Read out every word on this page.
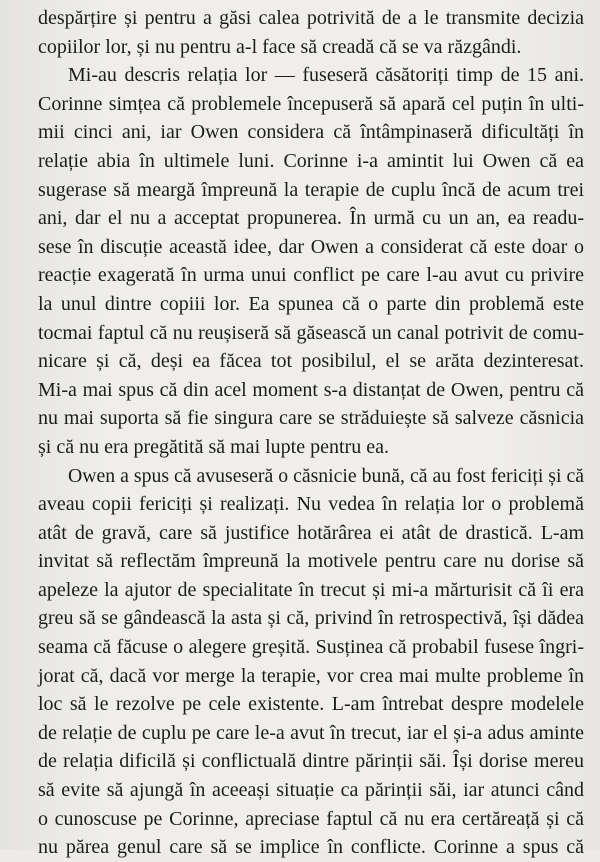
despărțire și pentru a găsi calea potrivită de a le transmite decizia
copiilor lor, și nu pentru a-l face să creadă că se va răzgândi.
Mi-au descris relația lor — fuseseră căsătoriți timp de 15 ani.
Corinne simțea că problemele începuseră să apară cel puțin în ulti-
mii cinci ani, iar Owen considera că întâmpinaseră dificultăți în
relație abia în ultimele luni. Corinne i-a amintit lui Owen că ea
sugerase să meargă împreună la terapie de cuplu încă de acum trei
ani, dar el nu a acceptat propunerea. În urmă cu un an, ea readu-
sese în discuție această idee, dar Owen a considerat că este doar o
reacție exagerată în urma unui conflict pe care l-au avut cu privire
la unul dintre copiii lor. Ea spunea că o parte din problemă este
tocmai faptul că nu reușiseră să găsească un canal potrivit de comu-
nicare și că, deși ea făcea tot posibilul, el se arăta dezinteresat.
Mi-a mai spus că din acel moment s-a distanțat de Owen, pentru că
nu mai suporta să fie singura care se străduiește să salveze căsnicia
și că nu era pregătită să mai lupte pentru ea.
Owen a spus că avuseseră o căsnicie bună, că au fost fericiți și că
aveau copii fericiți și realizați. Nu vedea în relația lor o problemă
atât de gravă, care să justifice hotărârea ei atât de drastică. L-am
invitat să reflectăm împreună la motivele pentru care nu dorise să
apeleze la ajutor de specialitate în trecut și mi-a mărturisit că îi era
greu să se gândească la asta și că, privind în retrospectivă, își dădea
seama că făcuse o alegere greșită. Susținea că probabil fusese îngri-
jorat că, dacă vor merge la terapie, vor crea mai multe probleme în
loc să le rezolve pe cele existente. L-am întrebat despre modelele
de relație de cuplu pe care le-a avut în trecut, iar el și-a adus aminte
de relația dificilă și conflictuală dintre părinții săi. Își dorise mereu
să evite să ajungă în aceeași situație ca părinții săi, iar atunci când
o cunoscuse pe Corinne, apreciase faptul că nu era certăreață și că
nu părea genul care să se implice în conflicte. Corinne a spus că
